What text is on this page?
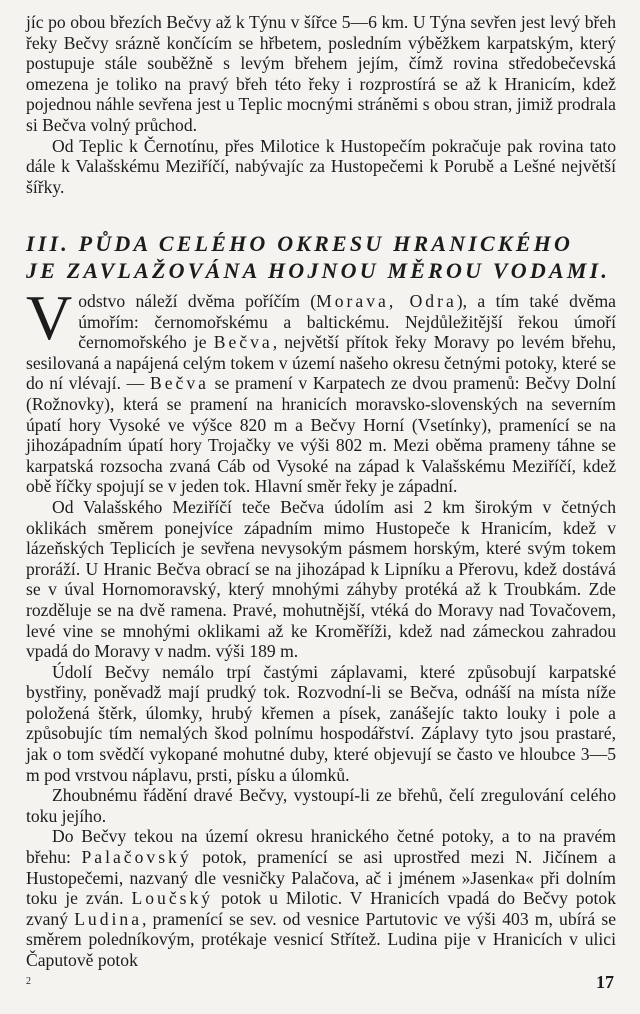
jíc po obou březích Bečvy až k Týnu v šířce 5—6 km. U Týna sevřen jest levý břeh řeky Bečvy srázně končícím se hřbetem, posledním výběžkem karpatským, který postupuje stále souběžně s levým břehem jejím, čímž rovina středobečevská omezena je toliko na pravý břeh této řeky i rozprostírá se až k Hranicím, kdež pojednou náhle sevřena jest u Teplic mocnými stráněmi s obou stran, jimiž prodrala si Bečva volný průchod.

Od Teplic k Černotínu, přes Milotice k Hustopečím pokračuje pak rovina tato dále k Valašskému Meziříčí, nabývajíc za Hustopečemi k Porubě a Lešné největší šířky.

III. PŮDA CELÉHO OKRESU HRANICKÉHO
JE ZAVLAŽOVÁNA HOJNOU MĚROU VODAMI.

Vodstvo náleží dvěma poříčím (Morava, Odra), a tím také dvěma úmořím: černomořskému a baltickému. Nejdůležitější řekou úmoří černomořského je Bečva, největší přítok řeky Moravy po levém břehu, sesilovaná a napájená celým tokem v území našeho okresu četnými potoky, které se do ní vlévají. — Bečva se pramení v Karpatech ze dvou pramenů: Bečvy Dolní (Rožnovky), která se pramení na hranicích moravsko-slovenských na severním úpatí hory Vysoké ve výšce 820 m a Bečvy Horní (Vsetínky), pramenící se na jihozápadním úpatí hory Trojačky ve výši 802 m. Mezi oběma prameny táhne se karpatská rozsocha zvaná Cáb od Vysoké na západ k Valašskému Meziříčí, kdež obě říčky spojují se v jeden tok. Hlavní směr řeky je západní.

Od Valašského Meziříčí teče Bečva údolím asi 2 km širokým v četných oklikách směrem ponejvíce západním mimo Hustopeče k Hranicím, kdež v lázeňských Teplicích je sevřena nevysokým pásmem horským, které svým tokem proráží. U Hranic Bečva obrací se na jihozápad k Lipníku a Přerovu, kdež dostává se v úval Hornomoravský, který mnohými záhyby protéká až k Troubkám. Zde rozděluje se na dvě ramena. Pravé, mohutnější, vtéká do Moravy nad Tovačovem, levé vine se mnohými oklikami až ke Kroměříži, kdež nad zámeckou zahradou vpadá do Moravy v nadm. výši 189 m.

Údolí Bečvy nemálo trpí častými záplavami, které způsobují karpatské bystřiny, poněvadž mají prudký tok. Rozvodní-li se Bečva, odnáší na místa níže položená štěrk, úlomky, hrubý křemen a písek, zanášejíc takto louky i pole a způsobujíc tím nemalých škod polnímu hospodářství. Záplavy tyto jsou prastaré, jak o tom svědčí vykopané mohutné duby, které objevují se často ve hloubce 3—5 m pod vrstvou náplavu, prsti, písku a úlomků.

Zhoubnému řádění dravé Bečvy, vystoupí-li ze břehů, čelí zregulování celého toku jejího.

Do Bečvy tekou na území okresu hranického četné potoky, a to na pravém břehu: Palačovský potok, pramenící se asi uprostřed mezi N. Jičínem a Hustopečemi, nazvaný dle vesničky Palačova, ač i jménem »Jasenka« při dolním toku je zván. Loučský potok u Milotic. V Hranicích vpadá do Bečvy potok zvaný Ludina, pramenící se sev. od vesnice Partutovic ve výši 403 m, ubírá se směrem poledníkovým, protékaje vesnicí Střítež. Ludina pije v Hranicích v ulici Čaputově potok

2	17
